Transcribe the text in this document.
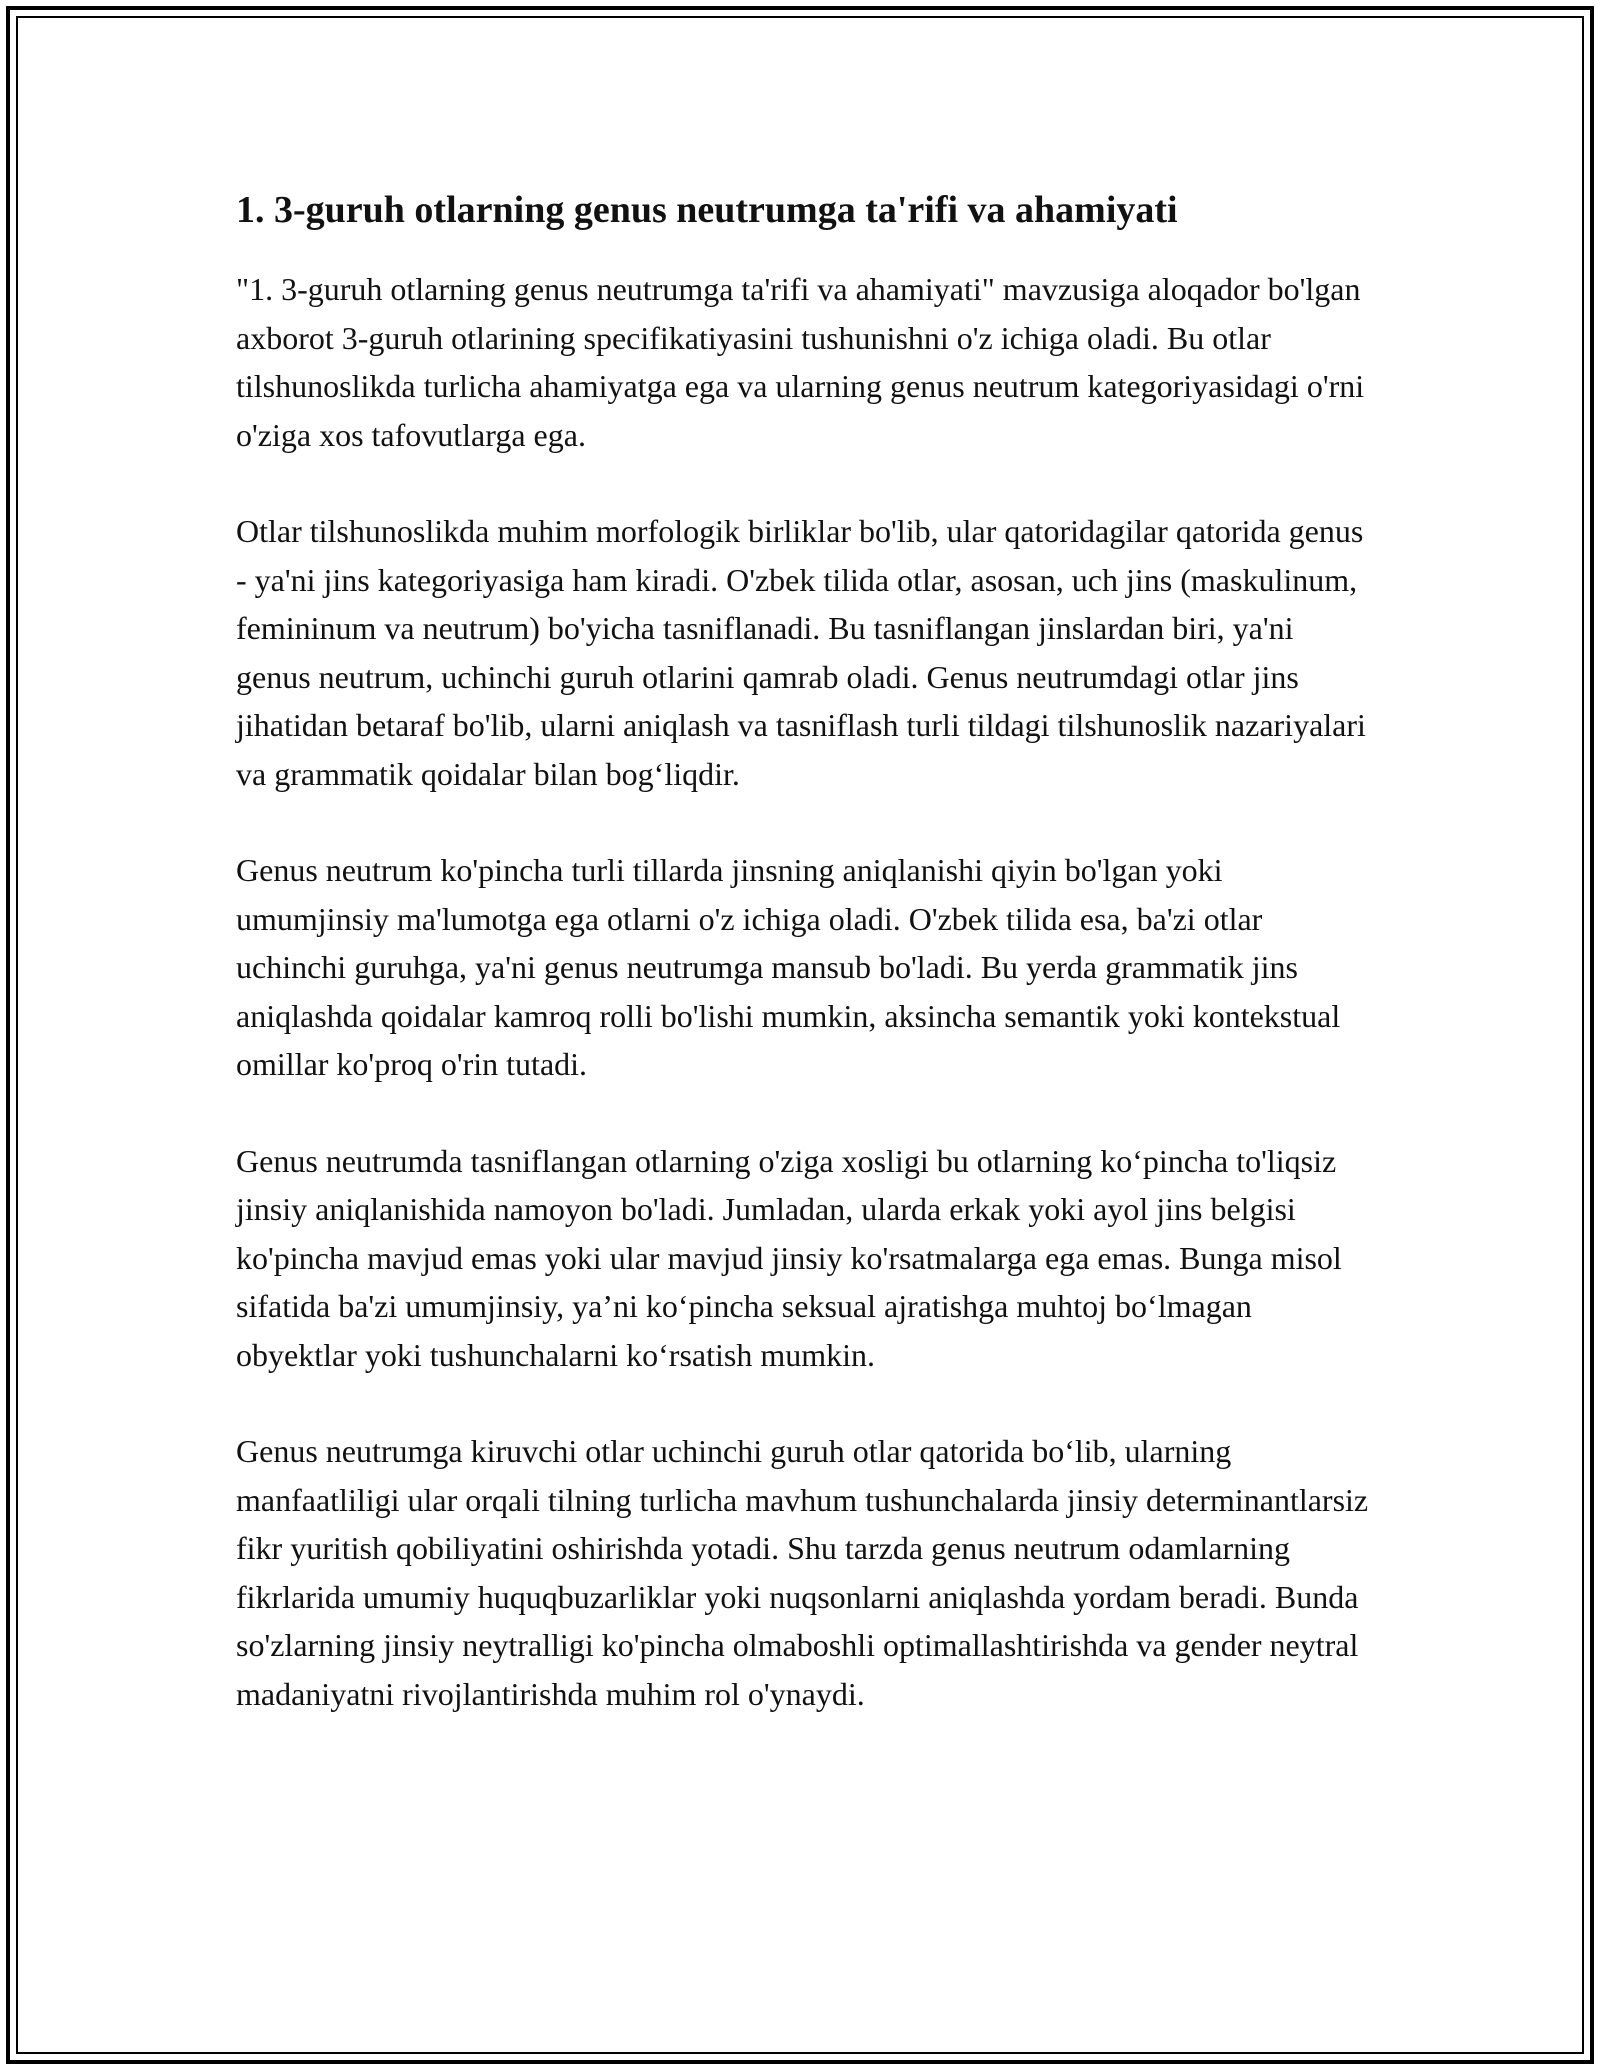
1. 3-guruh otlarning genus neutrumga ta'rifi va ahamiyati

"1. 3-guruh otlarning genus neutrumga ta'rifi va ahamiyati" mavzusiga aloqador bo'lgan axborot 3-guruh otlarining specifikatiyasini tushunishni o'z ichiga oladi. Bu otlar tilshunoslikda turlicha ahamiyatga ega va ularning genus neutrum kategoriyasidagi o'rni o'ziga xos tafovutlarga ega.

Otlar tilshunoslikda muhim morfologik birliklar bo'lib, ular qatoridagilar qatorida genus - ya'ni jins kategoriyasiga ham kiradi. O'zbek tilida otlar, asosan, uch jins (maskulinum, femininum va neutrum) bo'yicha tasniflanadi. Bu tasniflangan jinslardan biri, ya'ni genus neutrum, uchinchi guruh otlarini qamrab oladi. Genus neutrumdagi otlar jins jihatidan betaraf bo'lib, ularni aniqlash va tasniflash turli tildagi tilshunoslik nazariyalari va grammatik qoidalar bilan bog‘liqdir.

Genus neutrum ko'pincha turli tillarda jinsning aniqlanishi qiyin bo'lgan yoki umumjinsiy ma'lumotga ega otlarni o'z ichiga oladi. O'zbek tilida esa, ba'zi otlar uchinchi guruhga, ya'ni genus neutrumga mansub bo'ladi. Bu yerda grammatik jins aniqlashda qoidalar kamroq rolli bo'lishi mumkin, aksincha semantik yoki kontekstual omillar ko'proq o'rin tutadi.

Genus neutrumda tasniflangan otlarning o'ziga xosligi bu otlarning ko‘pincha to'liqsiz jinsiy aniqlanishida namoyon bo'ladi. Jumladan, ularda erkak yoki ayol jins belgisi ko'pincha mavjud emas yoki ular mavjud jinsiy ko'rsatmalarga ega emas. Bunga misol sifatida ba'zi umumjinsiy, ya’ni ko‘pincha seksual ajratishga muhtoj bo‘lmagan obyektlar yoki tushunchalarni ko‘rsatish mumkin.

Genus neutrumga kiruvchi otlar uchinchi guruh otlar qatorida bo‘lib, ularning manfaatliligi ular orqali tilning turlicha mavhum tushunchalarda jinsiy determinantlarsiz fikr yuritish qobiliyatini oshirishda yotadi. Shu tarzda genus neutrum odamlarning fikrlarida umumiy huquqbuzarliklar yoki nuqsonlarni aniqlashda yordam beradi. Bunda so'zlarning jinsiy neytralligi ko'pincha olmaboshli optimallashtirishda va gender neytral madaniyatni rivojlantirishda muhim rol o'ynaydi.
